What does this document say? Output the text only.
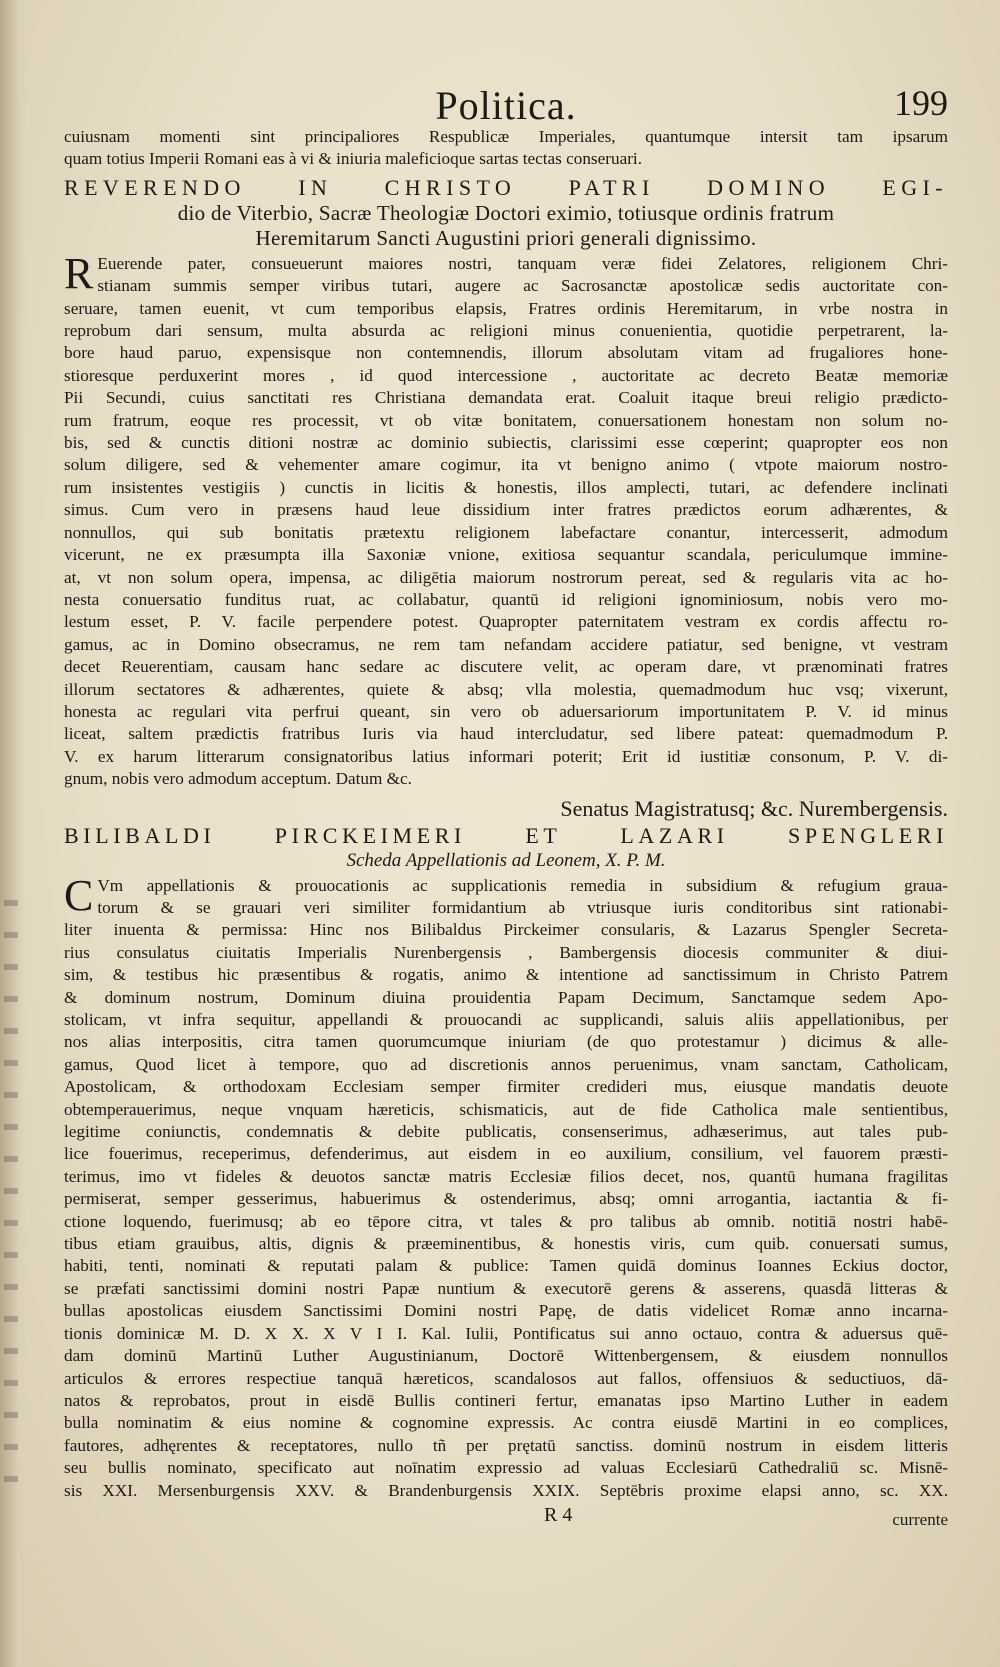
Politica.	199

cuiusnam momenti sint principaliores Respublicæ Imperiales, quantumque intersit tam ipsarum

quam totius Imperii Romani eas à vi & iniuria maleficioque sartas tectas conseruari.

REVERENDO IN CHRISTO PATRI DOMINO EGI-

dio de Viterbio, Sacræ Theologiæ Doctori eximio, totiusque ordinis fratrum

Heremitarum Sancti Augustini priori generali dignissimo.

R Euerende pater, consueuerunt maiores nostri, tanquam veræ fidei Zelatores, religionem Chri-

stianam summis semper viribus tutari, augere ac Sacrosanctæ apostolicæ sedis auctoritate con-

seruare, tamen euenit, vt cum temporibus elapsis, Fratres ordinis Heremitarum, in vrbe nostra in

reprobum dari sensum, multa absurda ac religioni minus conuenientia, quotidie perpetrarent, la-

bore haud paruo, expensisque non contemnendis, illorum absolutam vitam ad frugaliores hone-

stioresque perduxerint mores , id quod intercessione , auctoritate ac decreto Beatæ memoriæ

Pii Secundi, cuius sanctitati res Christiana demandata erat. Coaluit itaque breui religio prædicto-

rum fratrum, eoque res processit, vt ob vitæ bonitatem, conuersationem honestam non solum no-

bis, sed & cunctis ditioni nostræ ac dominio subiectis, clarissimi esse cœperint; quapropter eos non

solum diligere, sed & vehementer amare cogimur, ita vt benigno animo ( vtpote maiorum nostro-

rum insistentes vestigiis ) cunctis in licitis & honestis, illos amplecti, tutari, ac defendere inclinati

simus. Cum vero in præsens haud leue dissidium inter fratres prædictos eorum adhærentes, &

nonnullos, qui sub bonitatis prætextu religionem labefactare conantur, intercesserit, admodum

vicerunt, ne ex præsumpta illa Saxoniæ vnione, exitiosa sequantur scandala, periculumque immine-

at, vt non solum opera, impensa, ac diligētia maiorum nostrorum pereat, sed & regularis vita ac ho-

nesta conuersatio funditus ruat, ac collabatur, quantū id religioni ignominiosum, nobis vero mo-

lestum esset, P. V. facile perpendere potest. Quapropter paternitatem vestram ex cordis affectu ro-

gamus, ac in Domino obsecramus, ne rem tam nefandam accidere patiatur, sed benigne, vt vestram

decet Reuerentiam, causam hanc sedare ac discutere velit, ac operam dare, vt prænominati fratres

illorum sectatores & adhærentes, quiete & absq; vlla molestia, quemadmodum huc vsq; vixerunt,

honesta ac regulari vita perfrui queant, sin vero ob aduersariorum importunitatem P. V. id minus

liceat, saltem prædictis fratribus Iuris via haud intercludatur, sed libere pateat: quemadmodum P.

V. ex harum litterarum consignatoribus latius informari poterit; Erit id iustitiæ consonum, P. V. di-

gnum, nobis vero admodum acceptum. Datum &c.

Senatus Magistratusq; &c. Nurembergensis.

BILIBALDI PIRCKEIMERI ET LAZARI SPENGLERI

Scheda Appellationis ad Leonem, X. P. M.

C Vm appellationis & prouocationis ac supplicationis remedia in subsidium & refugium graua-

torum & se grauari veri similiter formidantium ab vtriusque iuris conditoribus sint rationabi-

liter inuenta & permissa: Hinc nos Bilibaldus Pirckeimer consularis, & Lazarus Spengler Secreta-

rius consulatus ciuitatis Imperialis Nurenbergensis , Bambergensis diocesis communiter & diui-

sim, & testibus hic præsentibus & rogatis, animo & intentione ad sanctissimum in Christo Patrem

& dominum nostrum, Dominum diuina prouidentia Papam Decimum, Sanctamque sedem Apo-

stolicam, vt infra sequitur, appellandi & prouocandi ac supplicandi, saluis aliis appellationibus, per

nos alias interpositis, citra tamen quorumcumque iniuriam (de quo protestamur ) dicimus & alle-

gamus, Quod licet à tempore, quo ad discretionis annos peruenimus, vnam sanctam, Catholicam,

Apostolicam, & orthodoxam Ecclesiam semper firmiter credideri mus, eiusque mandatis deuote

obtemperauerimus, neque vnquam hæreticis, schismaticis, aut de fide Catholica male sentientibus,

legitime coniunctis, condemnatis & debite publicatis, consenserimus, adhæserimus, aut tales pub-

lice fouerimus, receperimus, defenderimus, aut eisdem in eo auxilium, consilium, vel fauorem præsti-

terimus, imo vt fideles & deuotos sanctæ matris Ecclesiæ filios decet, nos, quantū humana fragilitas

permiserat, semper gesserimus, habuerimus & ostenderimus, absq; omni arrogantia, iactantia & fi-

ctione loquendo, fuerimusq; ab eo tēpore citra, vt tales & pro talibus ab omnib. notitiā nostri habē-

tibus etiam grauibus, altis, dignis & præeminentibus, & honestis viris, cum quib. conuersati sumus,

habiti, tenti, nominati & reputati palam & publice: Tamen quidā dominus Ioannes Eckius doctor,

se præfati sanctissimi domini nostri Papæ nuntium & executorē gerens & asserens, quasdā litteras &

bullas apostolicas eiusdem Sanctissimi Domini nostri Papę, de datis videlicet Romæ anno incarna-

tionis dominicæ M. D. X X. X V I I. Kal. Iulii, Pontificatus sui anno octauo, contra & aduersus quē-

dam dominū Martinū Luther Augustinianum, Doctorē Wittenbergensem, & eiusdem nonnullos

articulos & errores respectiue tanquā hæreticos, scandalosos aut fallos, offensiuos & seductiuos, dā-

natos & reprobatos, prout in eisdē Bullis contineri fertur, emanatas ipso Martino Luther in eadem

bulla nominatim & eius nomine & cognomine expressis. Ac contra eiusdē Martini in eo complices,

fautores, adhęrentes & receptatores, nullo tñ per prętatū sanctiss. dominū nostrum in eisdem litteris

seu bullis nominato, specificato aut noīnatim expressio ad valuas Ecclesiarū Cathedraliū sc. Misnē-

sis XXI. Mersenburgensis XXV. & Brandenburgensis XXIX. Septēbris proxime elapsi anno, sc. XX.

R 4	currente
